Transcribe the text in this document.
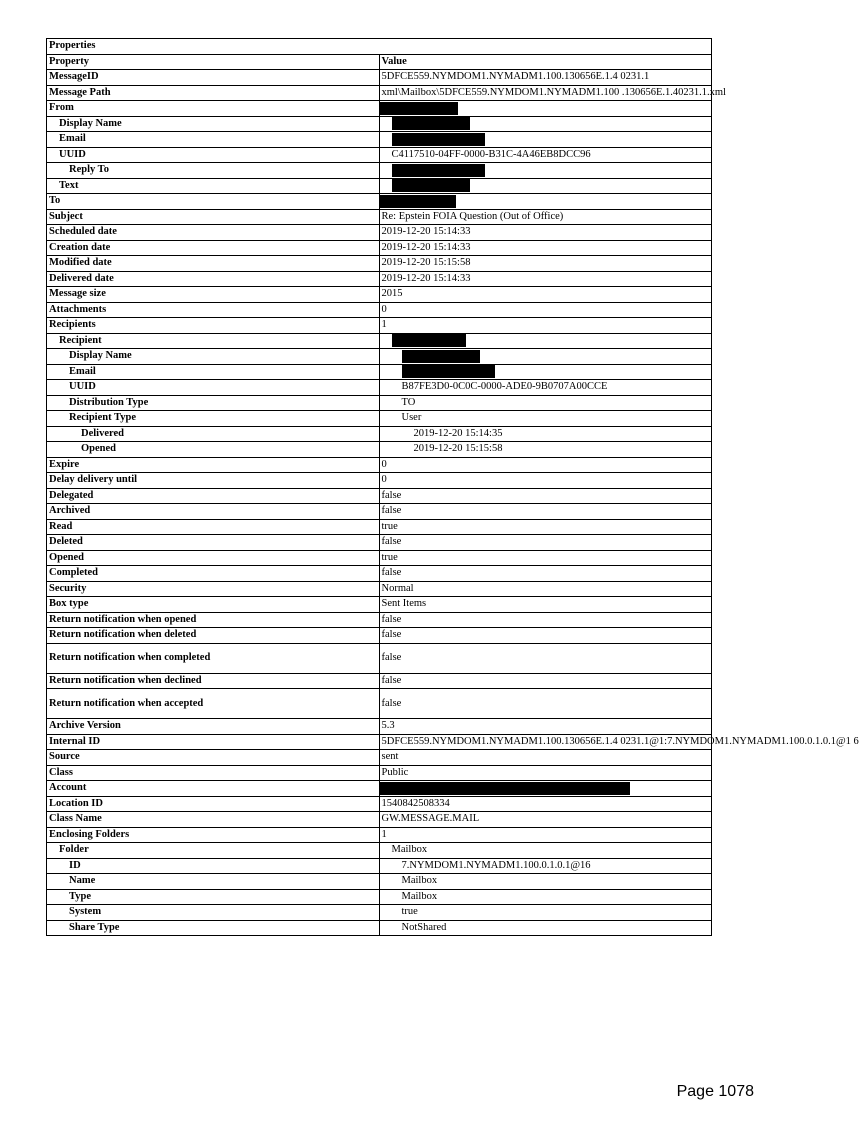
Properties	
Property	Value
MessageID	5DFCE559.NYMDOM1.NYMADM1.100.130656E.1.4 0231.1
Message Path	xml\Mailbox\5DFCE559.NYMDOM1.NYMADM1.100 .130656E.1.40231.1.xml
From	
Display Name	
Email	
UUID	C4117510-04FF-0000-B31C-4A46EB8DCC96
Reply To	
Text	
To	
Subject	Re: Epstein FOIA Question (Out of Office)
Scheduled date	2019-12-20 15:14:33
Creation date	2019-12-20 15:14:33
Modified date	2019-12-20 15:15:58
Delivered date	2019-12-20 15:14:33
Message size	2015
Attachments	0
Recipients	1
Recipient	
Display Name	
Email	
UUID	B87FE3D0-0C0C-0000-ADE0-9B0707A00CCE
Distribution Type	TO
Recipient Type	User
Delivered	2019-12-20 15:14:35
Opened	2019-12-20 15:15:58
Expire	0
Delay delivery until	0
Delegated	false
Archived	false
Read	true
Deleted	false
Opened	true
Completed	false
Security	Normal
Box type	Sent Items
Return notification when opened	false
Return notification when deleted	false
Return notification when completed	false
Return notification when declined	false
Return notification when accepted	false
Archive Version	5.3
Internal ID	5DFCE559.NYMDOM1.NYMADM1.100.130656E.1.4 0231.1@1:7.NYMDOM1.NYMADM1.100.0.1.0.1@1 6
Source	sent
Class	Public
Account	
Location ID	1540842508334
Class Name	GW.MESSAGE.MAIL
Enclosing Folders	1
Folder	Mailbox
ID	7.NYMDOM1.NYMADM1.100.0.1.0.1@16
Name	Mailbox
Type	Mailbox
System	true
Share Type	NotShared
Page 1078
